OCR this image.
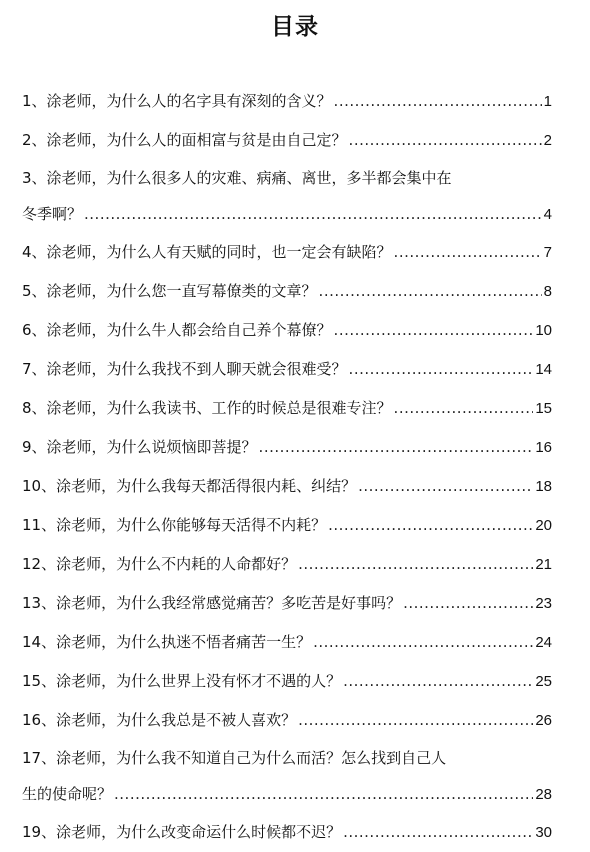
目录
1、涂老师，为什么人的名字具有深刻的含义？ .....	1
2、涂老师，为什么人的面相富与贫是由自己定？ .....	2
3、涂老师，为什么很多人的灾难、病痛、离世，多半都会集中在
冬季啊？ .....	4
4、涂老师，为什么人有天赋的同时，也一定会有缺陷？ .....	7
5、涂老师，为什么您一直写幕僚类的文章？ .....	8
6、涂老师，为什么牛人都会给自己养个幕僚？ .....	10
7、涂老师，为什么我找不到人聊天就会很难受？ .....	14
8、涂老师，为什么我读书、工作的时候总是很难专注？ .....	15
9、涂老师，为什么说烦恼即菩提？ .....	16
10、涂老师，为什么我每天都活得很内耗、纠结？ .....	18
11、涂老师，为什么你能够每天活得不内耗？ .....	20
12、涂老师，为什么不内耗的人命都好？ .....	21
13、涂老师，为什么我经常感觉痛苦？多吃苦是好事吗？ .....	23
14、涂老师，为什么执迷不悟者痛苦一生？ .....	24
15、涂老师，为什么世界上没有怀才不遇的人？ .....	25
16、涂老师，为什么我总是不被人喜欢？ .....	26
17、涂老师，为什么我不知道自己为什么而活？怎么找到自己人
生的使命呢？ .....	28
19、涂老师，为什么改变命运什么时候都不迟？ .....	30
